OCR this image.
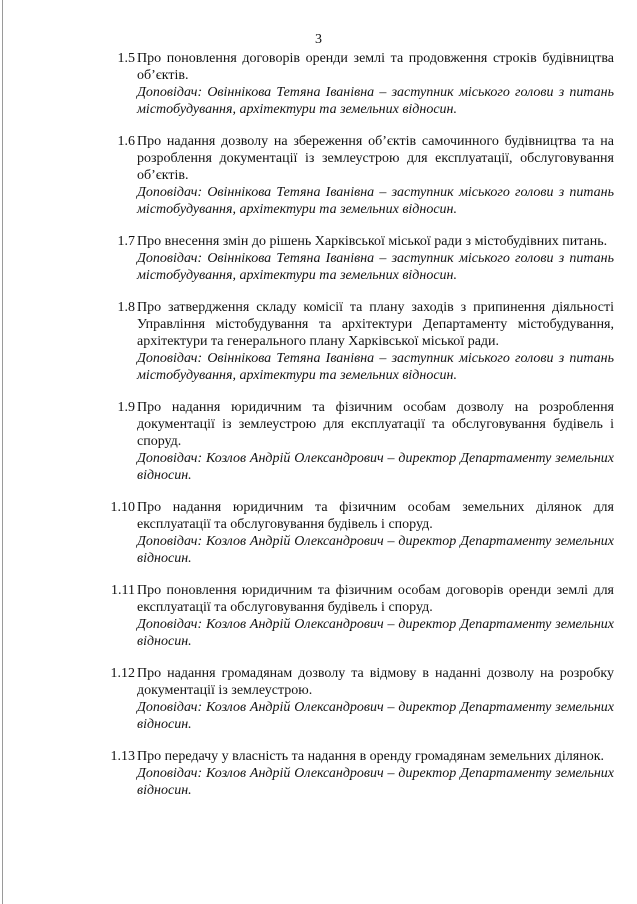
3
1.5 Про поновлення договорів оренди землі та продовження строків будівництва об’єктів.
Доповідач: Овіннікова Тетяна Іванівна – заступник міського голови з питань містобудування, архітектури та земельних відносин.
1.6 Про надання дозволу на збереження об’єктів самочинного будівництва та на розроблення документації із землеустрою для експлуатації, обслуговування об’єктів.
Доповідач: Овіннікова Тетяна Іванівна – заступник міського голови з питань містобудування, архітектури та земельних відносин.
1.7 Про внесення змін до рішень Харківської міської ради з містобудівних питань.
Доповідач: Овіннікова Тетяна Іванівна – заступник міського голови з питань містобудування, архітектури та земельних відносин.
1.8 Про затвердження складу комісії та плану заходів з припинення діяльності Управління містобудування та архітектури Департаменту містобудування, архітектури та генерального плану Харківської міської ради.
Доповідач: Овіннікова Тетяна Іванівна – заступник міського голови з питань містобудування, архітектури та земельних відносин.
1.9 Про надання юридичним та фізичним особам дозволу на розроблення документації із землеустрою для експлуатації та обслуговування будівель і споруд.
Доповідач: Козлов Андрій Олександрович – директор Департаменту земельних відносин.
1.10 Про надання юридичним та фізичним особам земельних ділянок для експлуатації та обслуговування будівель і споруд.
Доповідач: Козлов Андрій Олександрович – директор Департаменту земельних відносин.
1.11 Про поновлення юридичним та фізичним особам договорів оренди землі для експлуатації та обслуговування будівель і споруд.
Доповідач: Козлов Андрій Олександрович – директор Департаменту земельних відносин.
1.12 Про надання громадянам дозволу та відмову в наданні дозволу на розробку документації із землеустрою.
Доповідач: Козлов Андрій Олександрович – директор Департаменту земельних відносин.
1.13 Про передачу у власність та надання в оренду громадянам земельних ділянок.
Доповідач: Козлов Андрій Олександрович – директор Департаменту земельних відносин.
